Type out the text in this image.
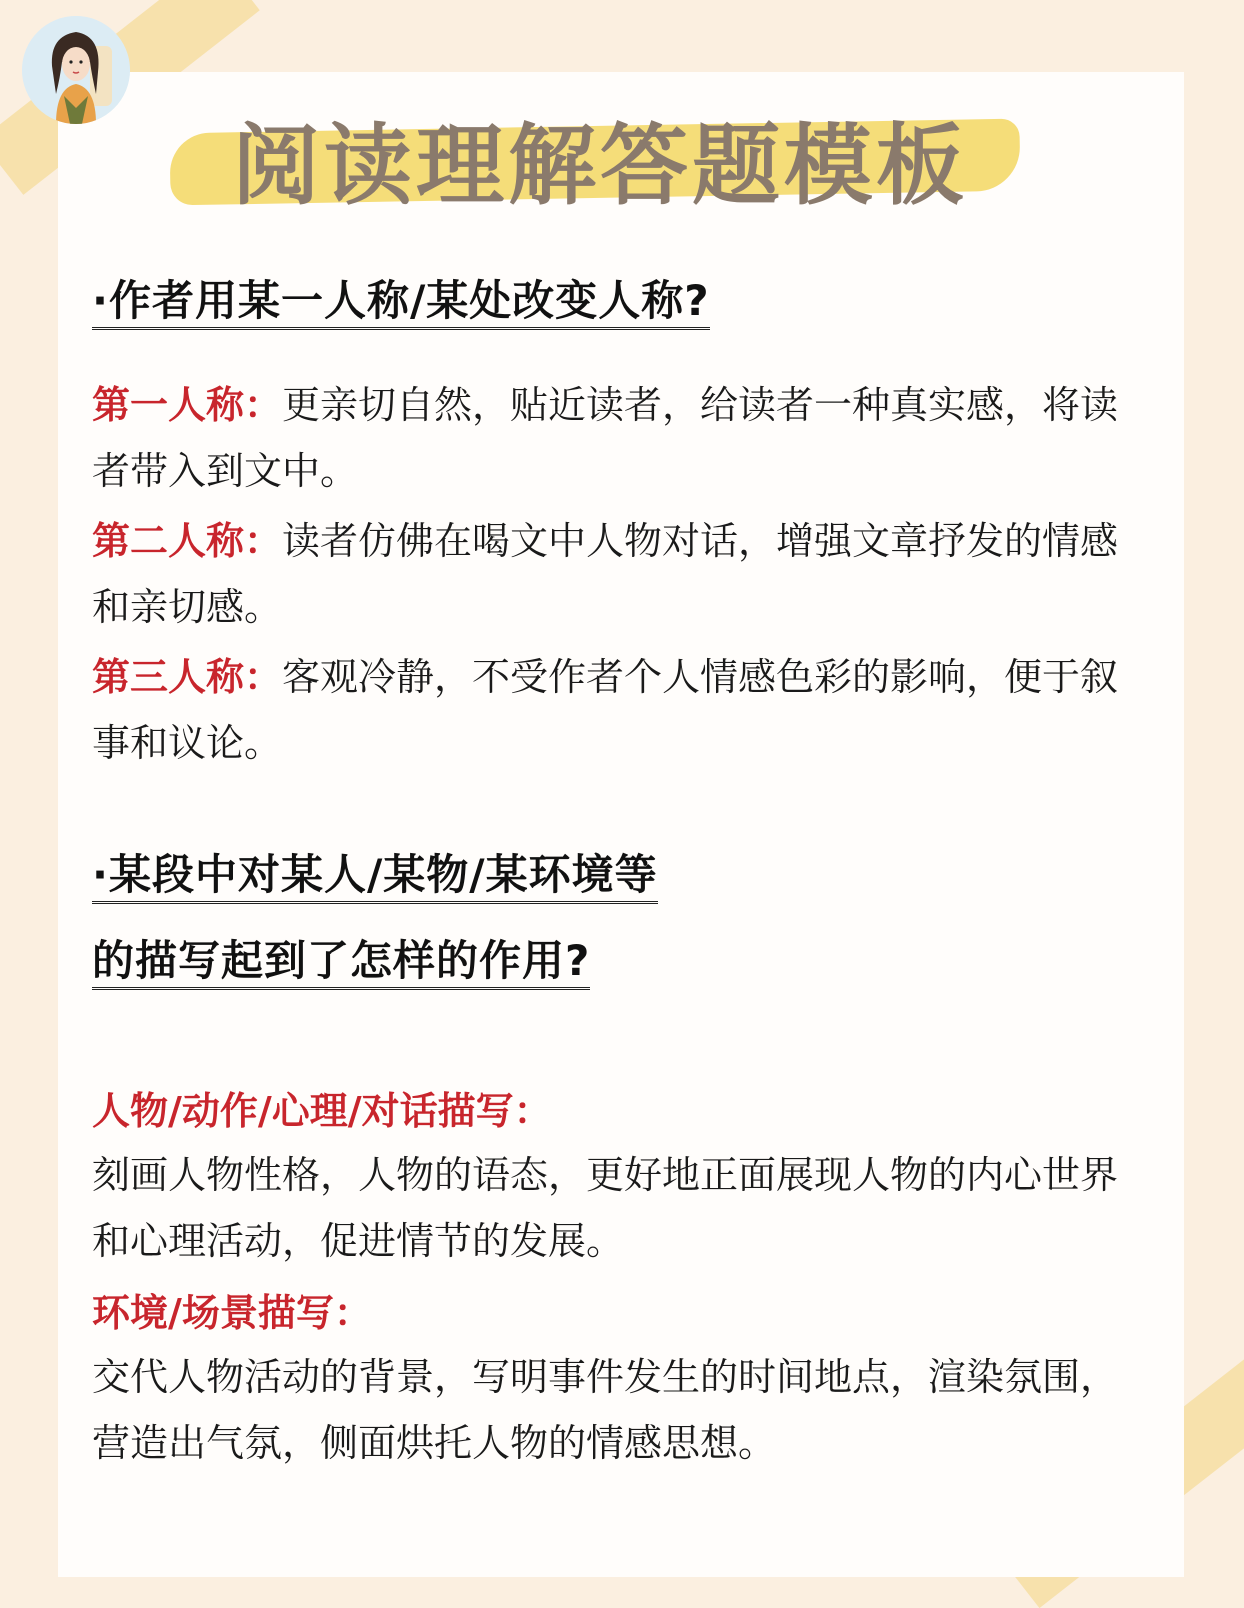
阅读理解答题模板
·作者用某一人称/某处改变人称?

第一人称：更亲切自然，贴近读者，给读者一种真实感，将读者带入到文中。

第二人称：读者仿佛在喝文中人物对话，增强文章抒发的情感和亲切感。

第三人称：客观冷静，不受作者个人情感色彩的影响，便于叙事和议论。

·某段中对某人/某物/某环境等
的描写起到了怎样的作用?

人物/动作/心理/对话描写：

刻画人物性格，人物的语态，更好地正面展现人物的内心世界和心理活动，促进情节的发展。

环境/场景描写：

交代人物活动的背景，写明事件发生的时间地点，渲染氛围，营造出气氛，侧面烘托人物的情感思想。
